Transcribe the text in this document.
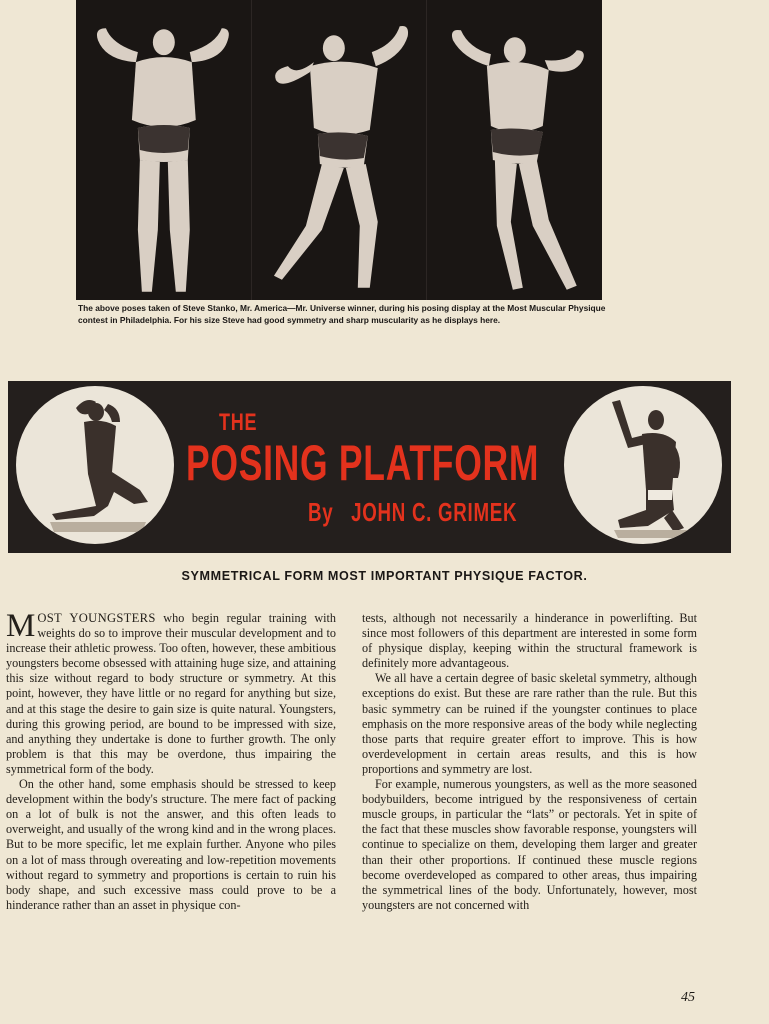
The above poses taken of Steve Stanko, Mr. America—Mr. Universe winner, during his posing display at the Most Muscular Physique contest in Philadelphia. For his size Steve had good symmetry and sharp muscularity as he displays here.

THE
POSING PLATFORM

By   JOHN C. GRIMEK

SYMMETRICAL FORM MOST IMPORTANT PHYSIQUE FACTOR.

MOST YOUNGSTERS who begin regular training with weights do so to improve their muscular development and to increase their athletic prowess. Too often, however, these ambitious youngsters become obsessed with attaining huge size, and attaining this size without regard to body structure or symmetry. At this point, however, they have little or no regard for anything but size, and at this stage the desire to gain size is quite natural. Youngsters, during this growing period, are bound to be impressed with size, and anything they undertake is done to further growth. The only problem is that this may be overdone, thus impairing the symmetrical form of the body.

On the other hand, some emphasis should be stressed to keep development within the body's structure. The mere fact of packing on a lot of bulk is not the answer, and this often leads to overweight, and usually of the wrong kind and in the wrong places. But to be more specific, let me explain further. Anyone who piles on a lot of mass through overeating and low-repetition movements without regard to symmetry and proportions is certain to ruin his body shape, and such excessive mass could prove to be a hinderance rather than an asset in physique con-

tests, although not necessarily a hinderance in powerlifting. But since most followers of this department are interested in some form of physique display, keeping within the structural framework is definitely more advantageous.

We all have a certain degree of basic skeletal symmetry, although exceptions do exist. But these are rare rather than the rule. But this basic symmetry can be ruined if the youngster continues to place emphasis on the more responsive areas of the body while neglecting those parts that require greater effort to improve. This is how overdevelopment in certain areas results, and this is how proportions and symmetry are lost.

For example, numerous youngsters, as well as the more seasoned bodybuilders, become intrigued by the responsiveness of certain muscle groups, in particular the “lats” or pectorals. Yet in spite of the fact that these muscles show favorable response, youngsters will continue to specialize on them, developing them larger and greater than their other proportions. If continued these muscle regions become overdeveloped as compared to other areas, thus impairing the symmetrical lines of the body. Unfortunately, however, most youngsters are not concerned with

45
